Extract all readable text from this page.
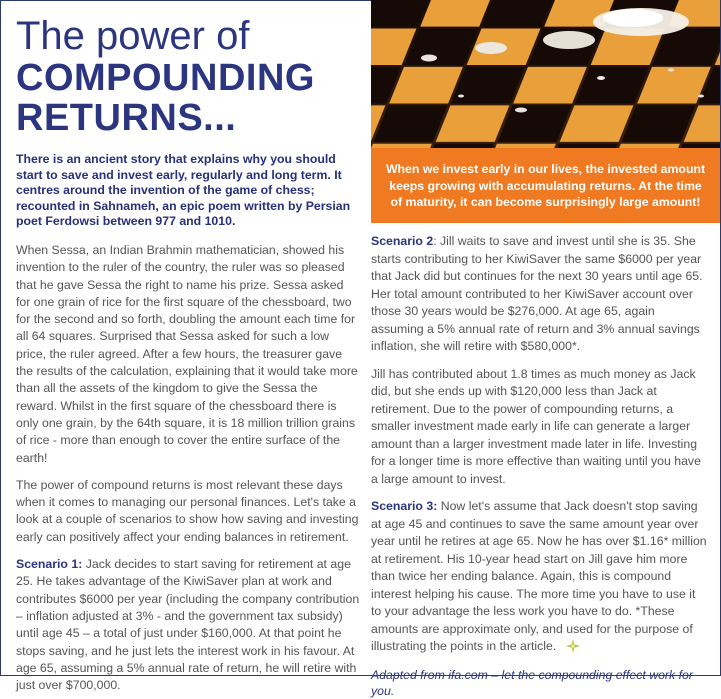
The power of
COMPOUNDING
RETURNS...
There is an ancient story that explains why you should start to save and invest early, regularly and long term. It centres around the invention of the game of chess; recounted in Sahnameh, an epic poem written by Persian poet Ferdowsi between 977 and 1010.

When Sessa, an Indian Brahmin mathematician, showed his invention to the ruler of the country, the ruler was so pleased that he gave Sessa the right to name his prize. Sessa asked for one grain of rice for the first square of the chessboard, two for the second and so forth, doubling the amount each time for all 64 squares. Surprised that Sessa asked for such a low price, the ruler agreed. After a few hours, the treasurer gave the results of the calculation, explaining that it would take more than all the assets of the kingdom to give the Sessa the reward. Whilst in the first square of the chessboard there is only one grain, by the 64th square, it is 18 million trillion grains of rice - more than enough to cover the entire surface of the earth!

The power of compound returns is most relevant these days when it comes to managing our personal finances. Let's take a look at a couple of scenarios to show how saving and investing early can positively affect your ending balances in retirement.

Scenario 1: Jack decides to start saving for retirement at age 25. He takes advantage of the KiwiSaver plan at work and contributes $6000 per year (including the company contribution – inflation adjusted at 3% - and the government tax subsidy) until age 45 – a total of just under $160,000. At that point he stops saving, and he just lets the interest work in his favour. At age 65, assuming a 5% annual rate of return, he will retire with just over $700,000.

When we invest early in our lives, the invested amount keeps growing with accumulating returns. At the time of maturity, it can become surprisingly large amount!

Scenario 2: Jill waits to save and invest until she is 35. She starts contributing to her KiwiSaver the same $6000 per year that Jack did but continues for the next 30 years until age 65. Her total amount contributed to her KiwiSaver account over those 30 years would be $276,000. At age 65, again assuming a 5% annual rate of return and 3% annual savings inflation, she will retire with $580,000*.

Jill has contributed about 1.8 times as much money as Jack did, but she ends up with $120,000 less than Jack at retirement. Due to the power of compounding returns, a smaller investment made early in life can generate a larger amount than a larger investment made later in life. Investing for a longer time is more effective than waiting until you have a large amount to invest.

Scenario 3: Now let's assume that Jack doesn't stop saving at age 45 and continues to save the same amount year over year until he retires at age 65. Now he has over $1.16* million at retirement. His 10-year head start on Jill gave him more than twice her ending balance. Again, this is compound interest helping his cause. The more time you have to use it to your advantage the less work you have to do. *These amounts are approximate only, and used for the purpose of illustrating the points in the article.

Adapted from ifa.com – let the compounding effect work for you.
